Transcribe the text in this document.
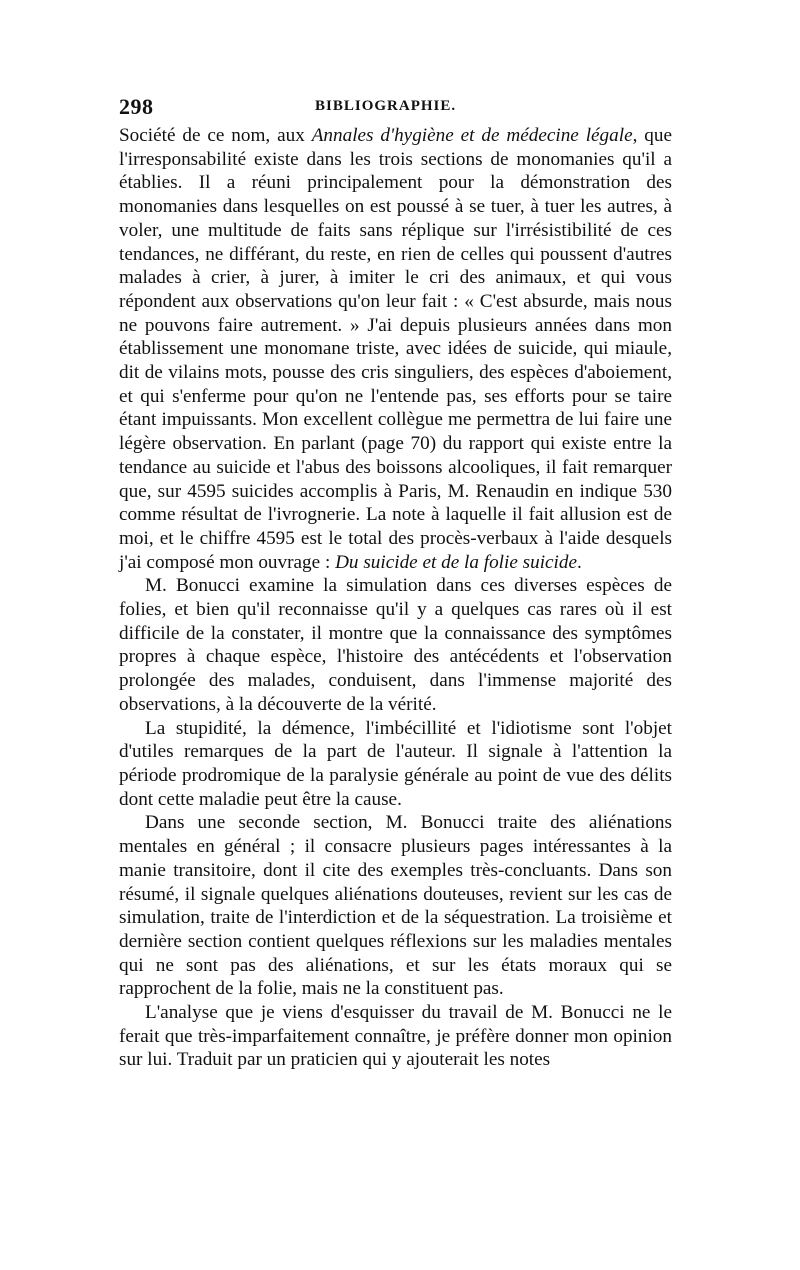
298	BIBLIOGRAPHIE.

Société de ce nom, aux Annales d'hygiène et de médecine légale, que l'irresponsabilité existe dans les trois sections de monomanies qu'il a établies. Il a réuni principalement pour la démonstration des monomanies dans lesquelles on est poussé à se tuer, à tuer les autres, à voler, une multitude de faits sans réplique sur l'irrésistibilité de ces tendances, ne différant, du reste, en rien de celles qui poussent d'autres malades à crier, à jurer, à imiter le cri des animaux, et qui vous répondent aux observations qu'on leur fait : « C'est absurde, mais nous ne pouvons faire autrement. » J'ai depuis plusieurs années dans mon établissement une monomane triste, avec idées de suicide, qui miaule, dit de vilains mots, pousse des cris singuliers, des espèces d'aboiement, et qui s'enferme pour qu'on ne l'entende pas, ses efforts pour se taire étant impuissants. Mon excellent collègue me permettra de lui faire une légère observation. En parlant (page 70) du rapport qui existe entre la tendance au suicide et l'abus des boissons alcooliques, il fait remarquer que, sur 4595 suicides accomplis à Paris, M. Renaudin en indique 530 comme résultat de l'ivrognerie. La note à laquelle il fait allusion est de moi, et le chiffre 4595 est le total des procès-verbaux à l'aide desquels j'ai composé mon ouvrage : Du suicide et de la folie suicide.

M. Bonucci examine la simulation dans ces diverses espèces de folies, et bien qu'il reconnaisse qu'il y a quelques cas rares où il est difficile de la constater, il montre que la connaissance des symptômes propres à chaque espèce, l'histoire des antécédents et l'observation prolongée des malades, conduisent, dans l'immense majorité des observations, à la découverte de la vérité.

La stupidité, la démence, l'imbécillité et l'idiotisme sont l'objet d'utiles remarques de la part de l'auteur. Il signale à l'attention la période prodromique de la paralysie générale au point de vue des délits dont cette maladie peut être la cause.

Dans une seconde section, M. Bonucci traite des aliénations mentales en général ; il consacre plusieurs pages intéressantes à la manie transitoire, dont il cite des exemples très-concluants. Dans son résumé, il signale quelques aliénations douteuses, revient sur les cas de simulation, traite de l'interdiction et de la séquestration. La troisième et dernière section contient quelques réflexions sur les maladies mentales qui ne sont pas des aliénations, et sur les états moraux qui se rapprochent de la folie, mais ne la constituent pas.

L'analyse que je viens d'esquisser du travail de M. Bonucci ne le ferait que très-imparfaitement connaître, je préfère donner mon opinion sur lui. Traduit par un praticien qui y ajouterait les notes
